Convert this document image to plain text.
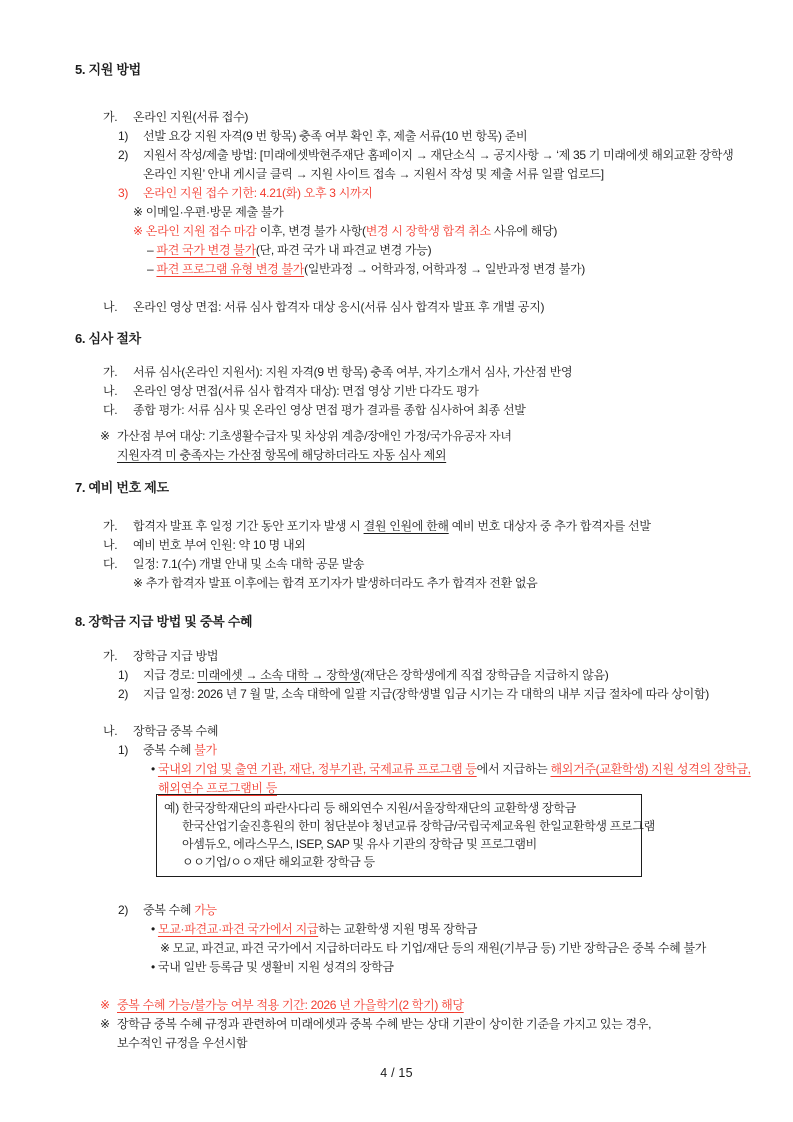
5. 지원 방법
가. 온라인 지원(서류 접수)
1) 선발 요강 지원 자격(9 번 항목) 충족 여부 확인 후, 제출 서류(10 번 항목) 준비
2) 지원서 작성/제출 방법: [미래에셋박현주재단 홈페이지 → 재단소식 → 공지사항 → ‘제 35 기 미래에셋 해외교환 장학생
온라인 지원’ 안내 게시글 클릭 → 지원 사이트 접속 → 지원서 작성 및 제출 서류 일괄 업로드]
3) 온라인 지원 접수 기한: 4.21(화) 오후 3 시까지
※ 이메일·우편·방문 제출 불가
※ 온라인 지원 접수 마감 이후, 변경 불가 사항(변경 시 장학생 합격 취소 사유에 해당)
– 파견 국가 변경 불가(단, 파견 국가 내 파견교 변경 가능)
– 파견 프로그램 유형 변경 불가(일반과정 → 어학과정, 어학과정 → 일반과정 변경 불가)
나. 온라인 영상 면접: 서류 심사 합격자 대상 응시(서류 심사 합격자 발표 후 개별 공지)
6. 심사 절차
가. 서류 심사(온라인 지원서): 지원 자격(9 번 항목) 충족 여부, 자기소개서 심사, 가산점 반영
나. 온라인 영상 면접(서류 심사 합격자 대상): 면접 영상 기반 다각도 평가
다. 종합 평가: 서류 심사 및 온라인 영상 면접 평가 결과를 종합 심사하여 최종 선발
※ 가산점 부여 대상: 기초생활수급자 및 차상위 계층/장애인 가정/국가유공자 자녀
지원자격 미 충족자는 가산점 항목에 해당하더라도 자동 심사 제외
7. 예비 번호 제도
가. 합격자 발표 후 일정 기간 동안 포기자 발생 시 결원 인원에 한해 예비 번호 대상자 중 추가 합격자를 선발
나. 예비 번호 부여 인원: 약 10 명 내외
다. 일정: 7.1(수) 개별 안내 및 소속 대학 공문 발송
※ 추가 합격자 발표 이후에는 합격 포기자가 발생하더라도 추가 합격자 전환 없음
8. 장학금 지급 방법 및 중복 수혜
가. 장학금 지급 방법
1) 지급 경로: 미래에셋 → 소속 대학 → 장학생(재단은 장학생에게 직접 장학금을 지급하지 않음)
2) 지급 일정: 2026 년 7 월 말, 소속 대학에 일괄 지급(장학생별 입금 시기는 각 대학의 내부 지급 절차에 따라 상이함)
나. 장학금 중복 수혜
1) 중복 수혜 불가
• 국내외 기업 및 출연 기관, 재단, 정부기관, 국제교류 프로그램 등에서 지급하는 해외거주(교환학생) 지원 성격의 장학금,
해외연수 프로그램비 등
예) 한국장학재단의 파란사다리 등 해외연수 지원/서울장학재단의 교환학생 장학금
한국산업기술진흥원의 한미 첨단분야 청년교류 장학금/국립국제교육원 한일교환학생 프로그램
아셈듀오, 에라스무스, ISEP, SAP 및 유사 기관의 장학금 및 프로그램비
ㅇㅇ기업/ㅇㅇ재단 해외교환 장학금 등
2) 중복 수혜 가능
• 모교·파견교·파견 국가에서 지급하는 교환학생 지원 명목 장학금
※ 모교, 파견교, 파견 국가에서 지급하더라도 타 기업/재단 등의 재원(기부금 등) 기반 장학금은 중복 수혜 불가
• 국내 일반 등록금 및 생활비 지원 성격의 장학금
※ 중복 수혜 가능/불가능 여부 적용 기간: 2026 년 가을학기(2 학기) 해당
※ 장학금 중복 수혜 규정과 관련하여 미래에셋과 중복 수혜 받는 상대 기관이 상이한 기준을 가지고 있는 경우,
보수적인 규정을 우선시함
4 / 15
